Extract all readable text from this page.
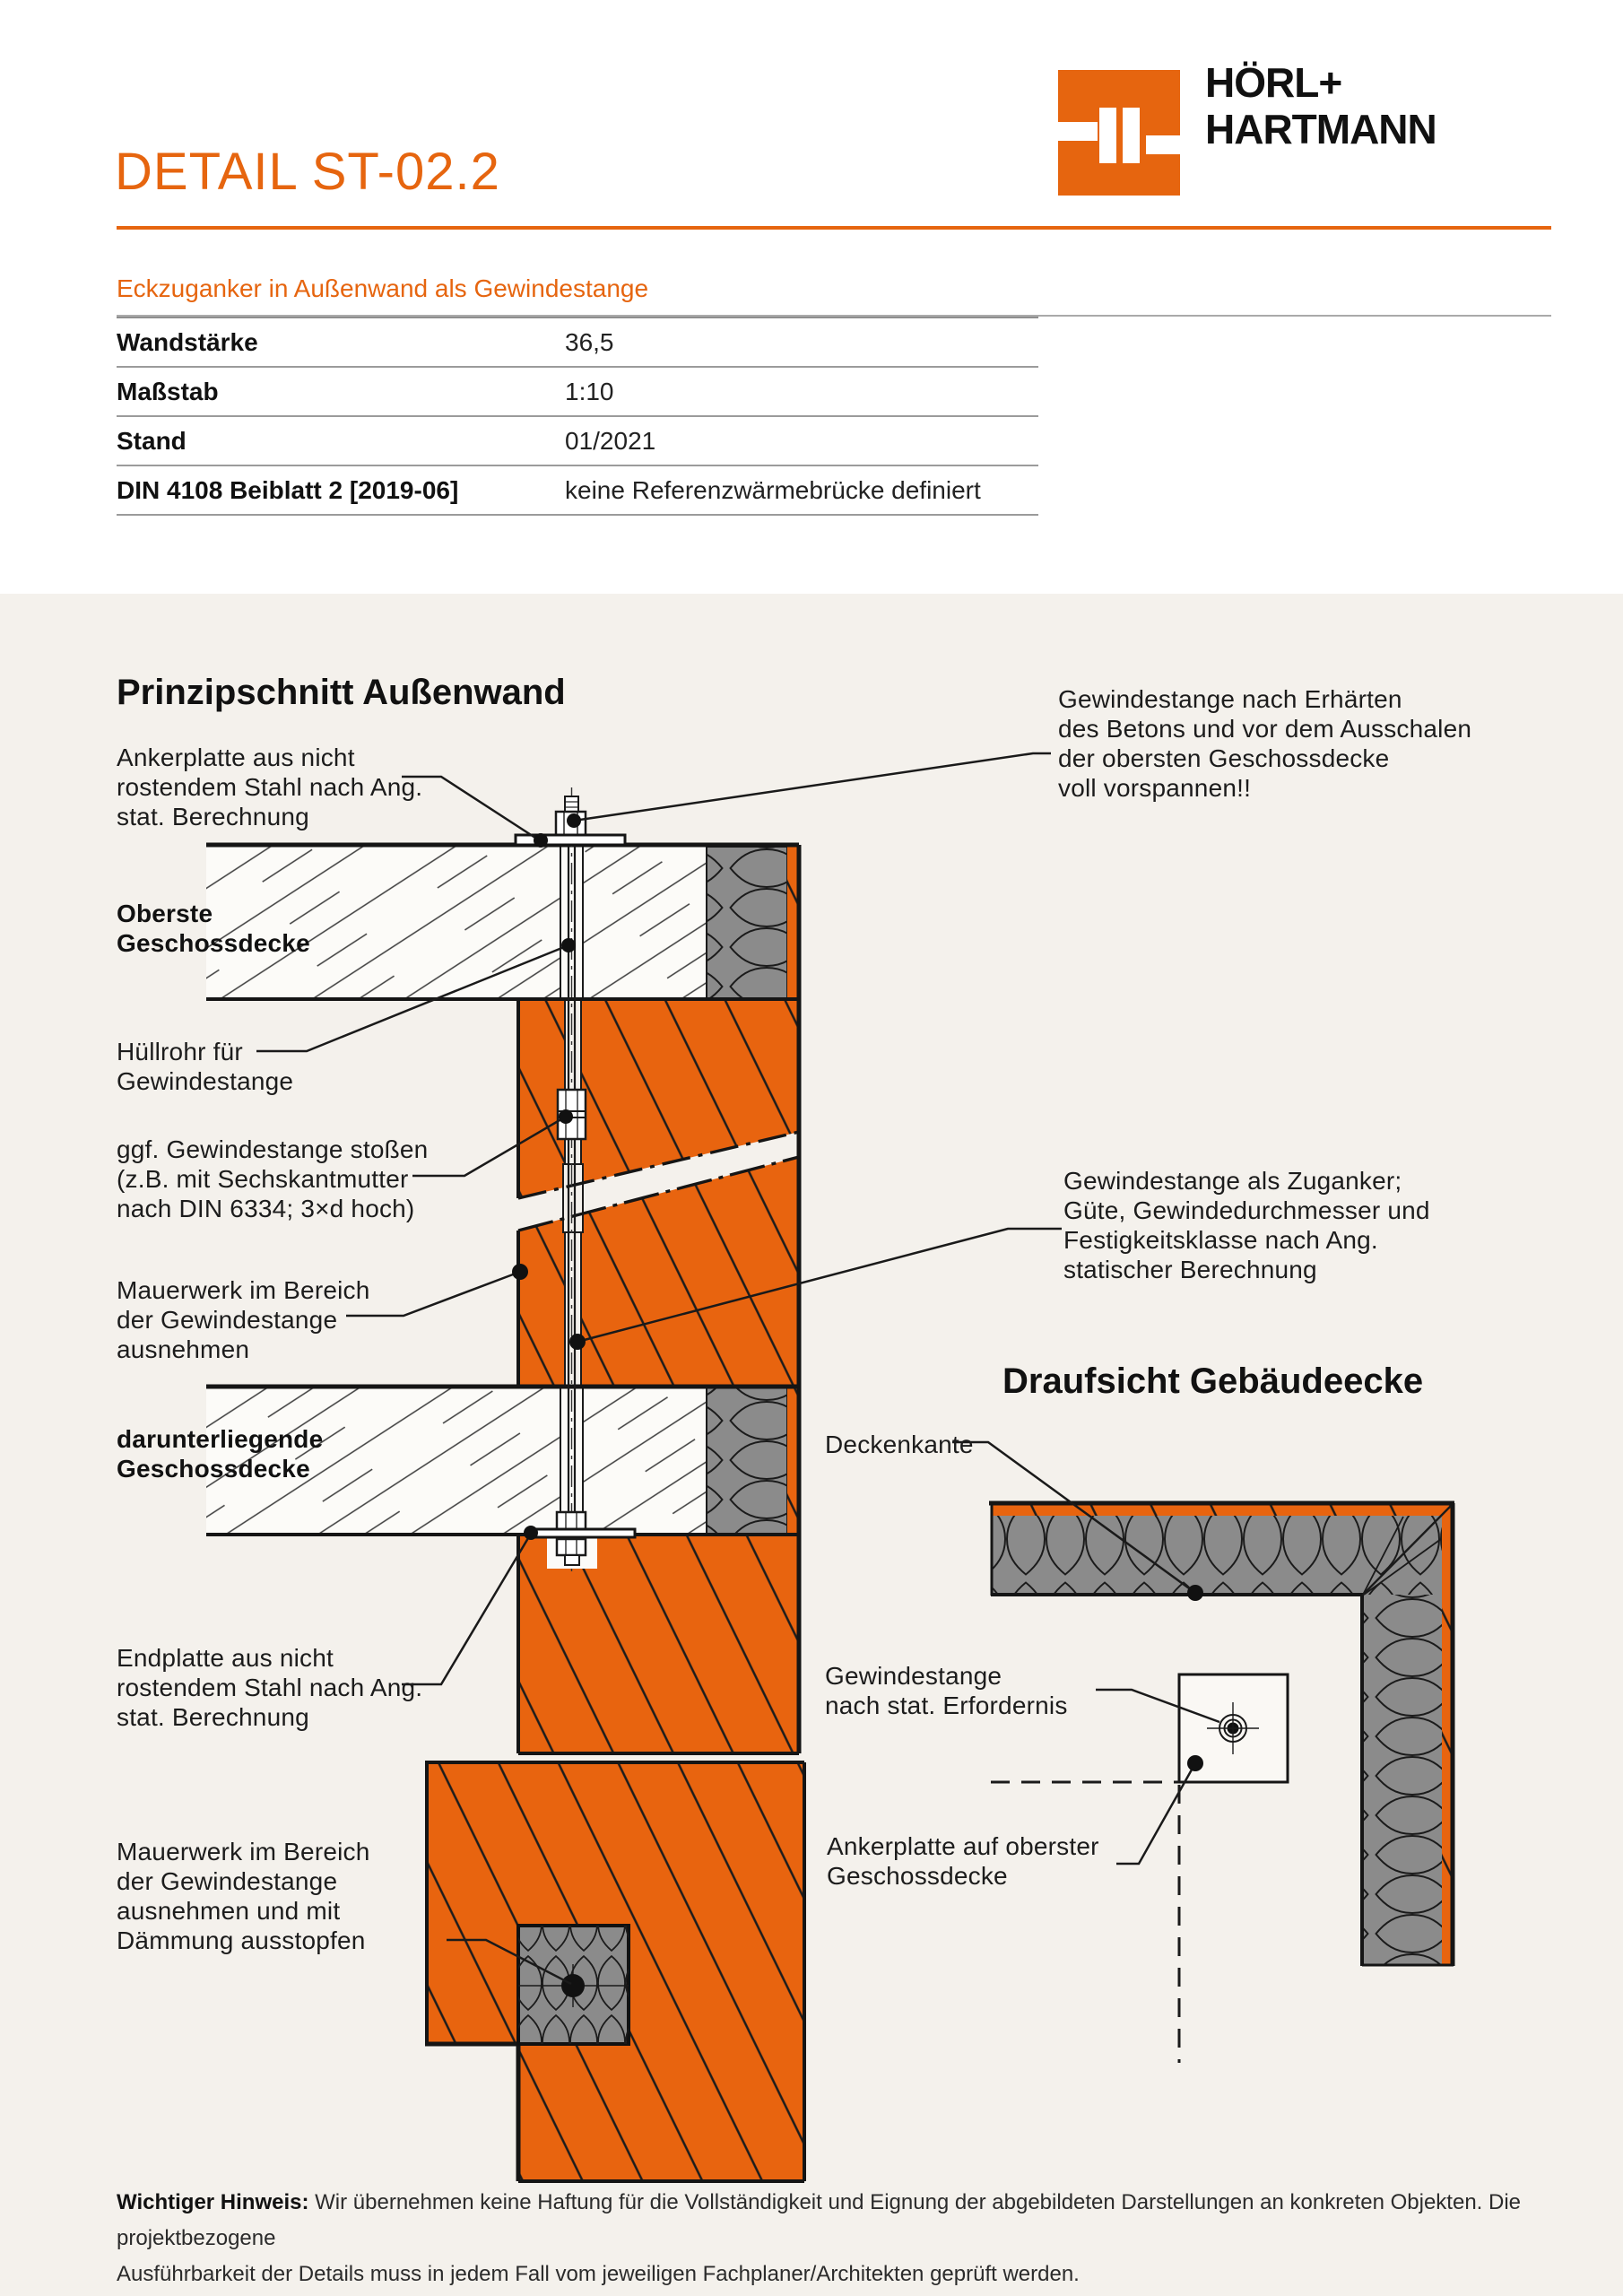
DETAIL ST-02.2
HÖRL+
HARTMANN
Eckzuganker in Außenwand als Gewindestange
Wandstärke	36,5
Maßstab	1:10
Stand	01/2021
DIN 4108 Beiblatt 2 [2019-06]	keine Referenzwärmebrücke definiert
Prinzipschnitt Außenwand
Draufsicht Gebäudeecke
Ankerplatte aus nicht
rostendem Stahl nach Ang.
stat. Berechnung
Gewindestange nach Erhärten
des Betons und vor dem Ausschalen
der obersten Geschossdecke
voll vorspannen!!
Oberste
Geschossdecke
Hüllrohr für
Gewindestange
ggf. Gewindestange stoßen
(z.B. mit Sechskantmutter
nach DIN 6334; 3×d hoch)
Mauerwerk im Bereich
der Gewindestange
ausnehmen
Gewindestange als Zuganker;
Güte, Gewindedurchmesser und
Festigkeitsklasse nach Ang.
statischer Berechnung
darunterliegende
Geschossdecke
Endplatte aus nicht
rostendem Stahl nach Ang.
stat. Berechnung
Deckenkante
Gewindestange
nach stat. Erfordernis
Ankerplatte auf oberster
Geschossdecke
Mauerwerk im Bereich
der Gewindestange
ausnehmen und mit
Dämmung ausstopfen
Wichtiger Hinweis: Wir übernehmen keine Haftung für die Vollständigkeit und Eignung der abgebildeten Darstellungen an konkreten Objekten. Die projektbezogene
Ausführbarkeit der Details muss in jedem Fall vom jeweiligen Fachplaner/Architekten geprüft werden.
